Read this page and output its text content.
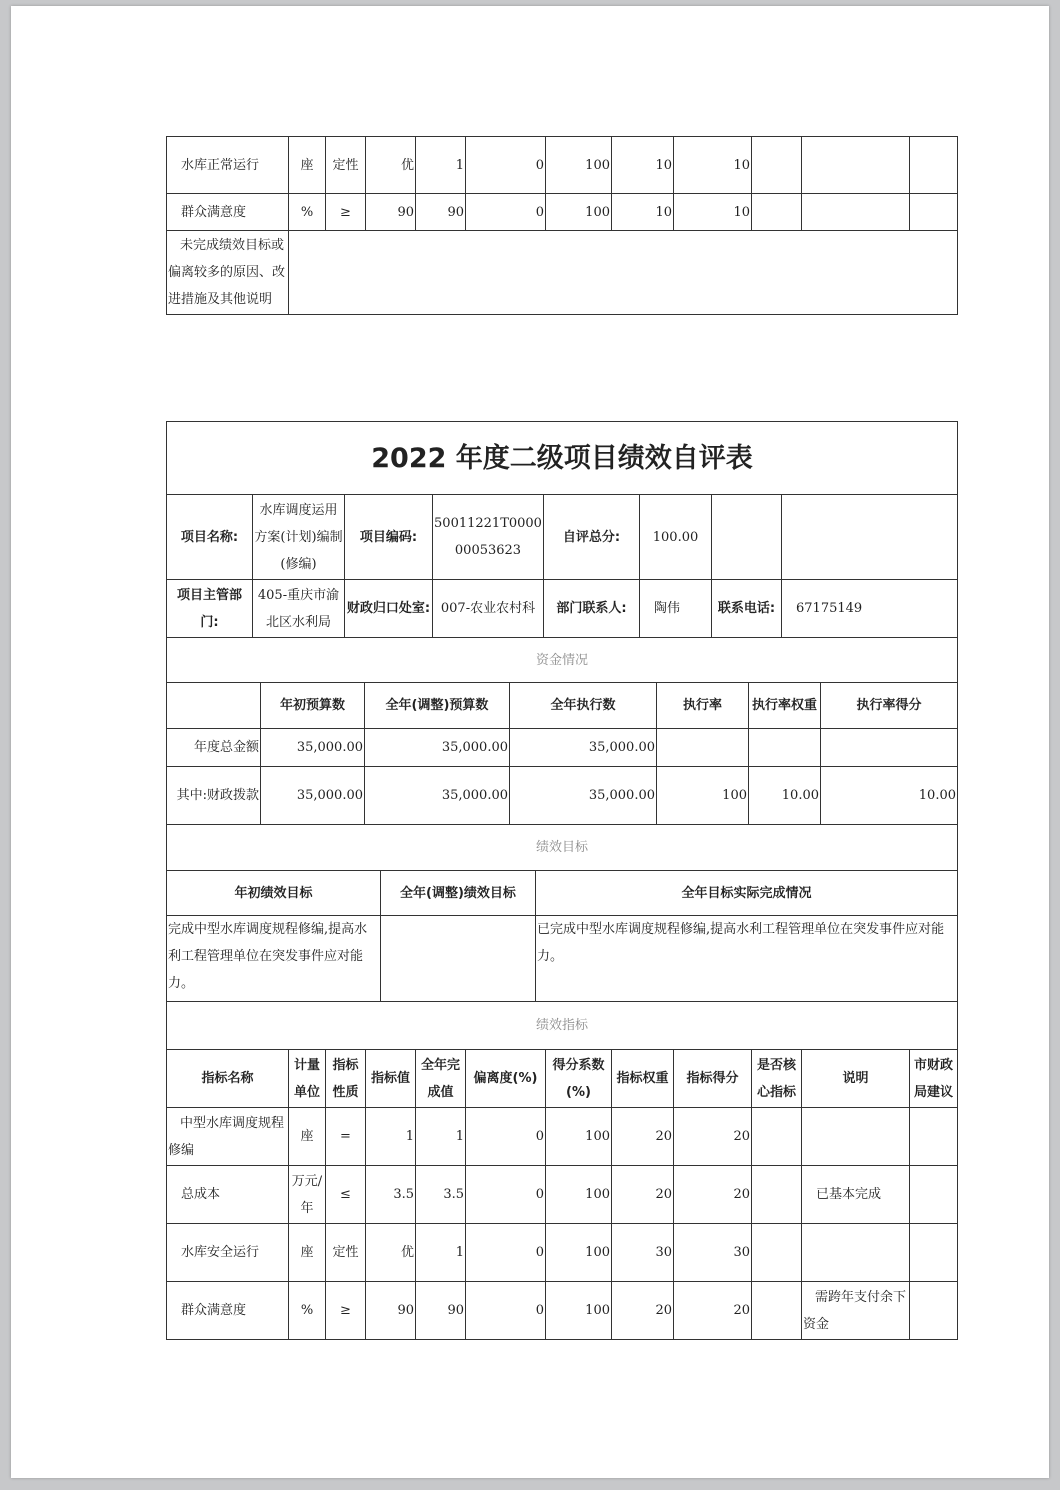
水库正常运行	座	定性	优	1	0	100	10	10			
群众满意度	%	≥	90	90	0	100	10	10			
未完成绩效目标或偏离较多的原因、改进措施及其他说明											
2022 年度二级项目绩效自评表							
项目名称:	水库调度运用方案(计划)编制(修编)	项目编码:	50011221T000000053623	自评总分:	100.00		
项目主管部门:	405-重庆市渝北区水利局	财政归口处室:	007-农业农村科	部门联系人:	陶伟	联系电话:	67175149
资金情况							
	年初预算数	全年(调整)预算数	全年执行数	执行率	执行率权重	执行率得分
年度总金额	35,000.00	35,000.00	35,000.00			
其中:财政拨款	35,000.00	35,000.00	35,000.00	100	10.00	10.00
绩效目标		
年初绩效目标	全年(调整)绩效目标	全年目标实际完成情况
完成中型水库调度规程修编,提高水利工程管理单位在突发事件应对能力。		已完成中型水库调度规程修编,提高水利工程管理单位在突发事件应对能力。
绩效指标		
指标名称	计量单位	指标性质	指标值	全年完成值	偏离度(%)	得分系数(%)	指标权重	指标得分	是否核心指标	说明	市财政局建议
中型水库调度规程修编	座	=	1	1	0	100	20	20			
总成本	万元/年	≤	3.5	3.5	0	100	20	20		已基本完成	
水库安全运行	座	定性	优	1	0	100	30	30			
群众满意度	%	≥	90	90	0	100	20	20		需跨年支付余下资金	
